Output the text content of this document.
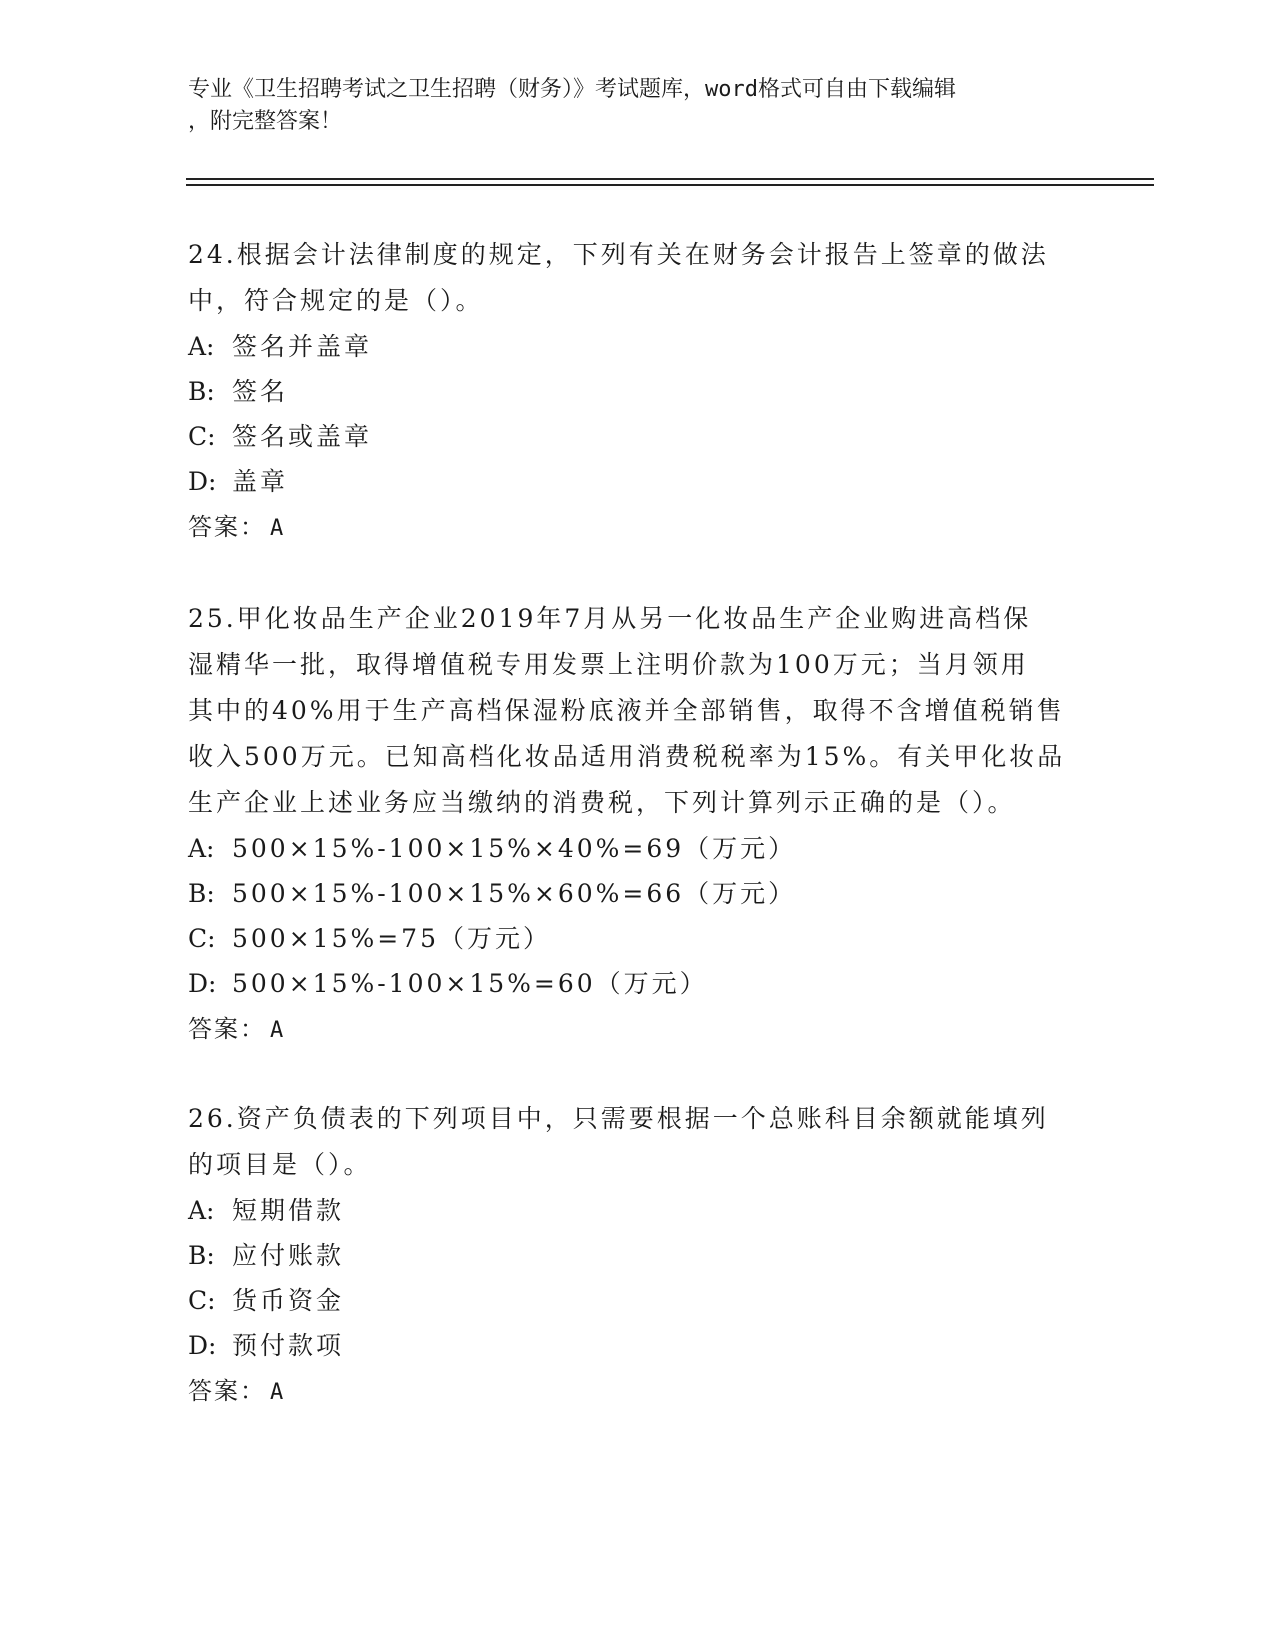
专业《卫生招聘考试之卫生招聘（财务）》考试题库，word格式可自由下载编辑
，附完整答案！
24.根据会计法律制度的规定，下列有关在财务会计报告上签章的做法
中，符合规定的是（）。
A: 签名并盖章
B: 签名
C: 签名或盖章
D: 盖章
答案： A
25.甲化妆品生产企业2019年7月从另一化妆品生产企业购进高档保
湿精华一批，取得增值税专用发票上注明价款为100万元；当月领用
其中的40%用于生产高档保湿粉底液并全部销售，取得不含增值税销售
收入500万元。已知高档化妆品适用消费税税率为15%。有关甲化妆品
生产企业上述业务应当缴纳的消费税，下列计算列示正确的是（）。
A: 500×15%-100×15%×40%=69（万元）
B: 500×15%-100×15%×60%=66（万元）
C: 500×15%=75（万元）
D: 500×15%-100×15%=60（万元）
答案： A
26.资产负债表的下列项目中，只需要根据一个总账科目余额就能填列
的项目是（）。
A: 短期借款
B: 应付账款
C: 货币资金
D: 预付款项
答案： A
